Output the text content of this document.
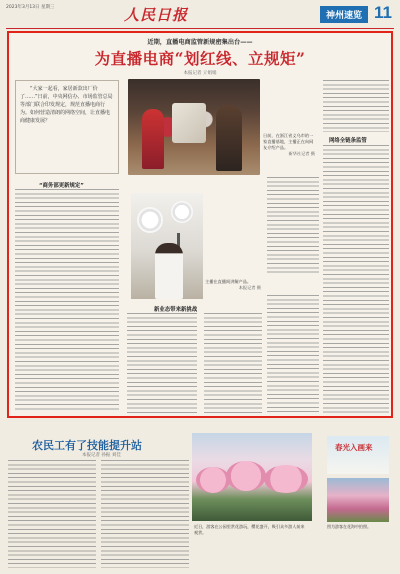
2023年3月13日 星期三	人民日报	神州速览 11
近期，直播电商监管新规密集出台——
为直播电商“划红线、立规矩”
本报记者 亓娟娟
“大家一起看，家居新款出厂价了……”日前，中央网信办、市场监管总局等部门联合印发规定，规范直播电商行为。如何营造清朗的网络空间，让直播电商健康发展？
日前，在浙江省义乌市的一家直播基地，主播正在向网友介绍产品。
新华社记者 摄
“商务部更新规定”
主播在直播间讲解产品。
本报记者 摄
新业态带来新挑战
网络全链条监管
农民工有了技能提升站
本报记者 孙振 刘佳
近日，游客在公园里赏花游玩，樱花盛开，吸引众多游人前来观赏。
春光入画来
图为游客在花海中拍照。
